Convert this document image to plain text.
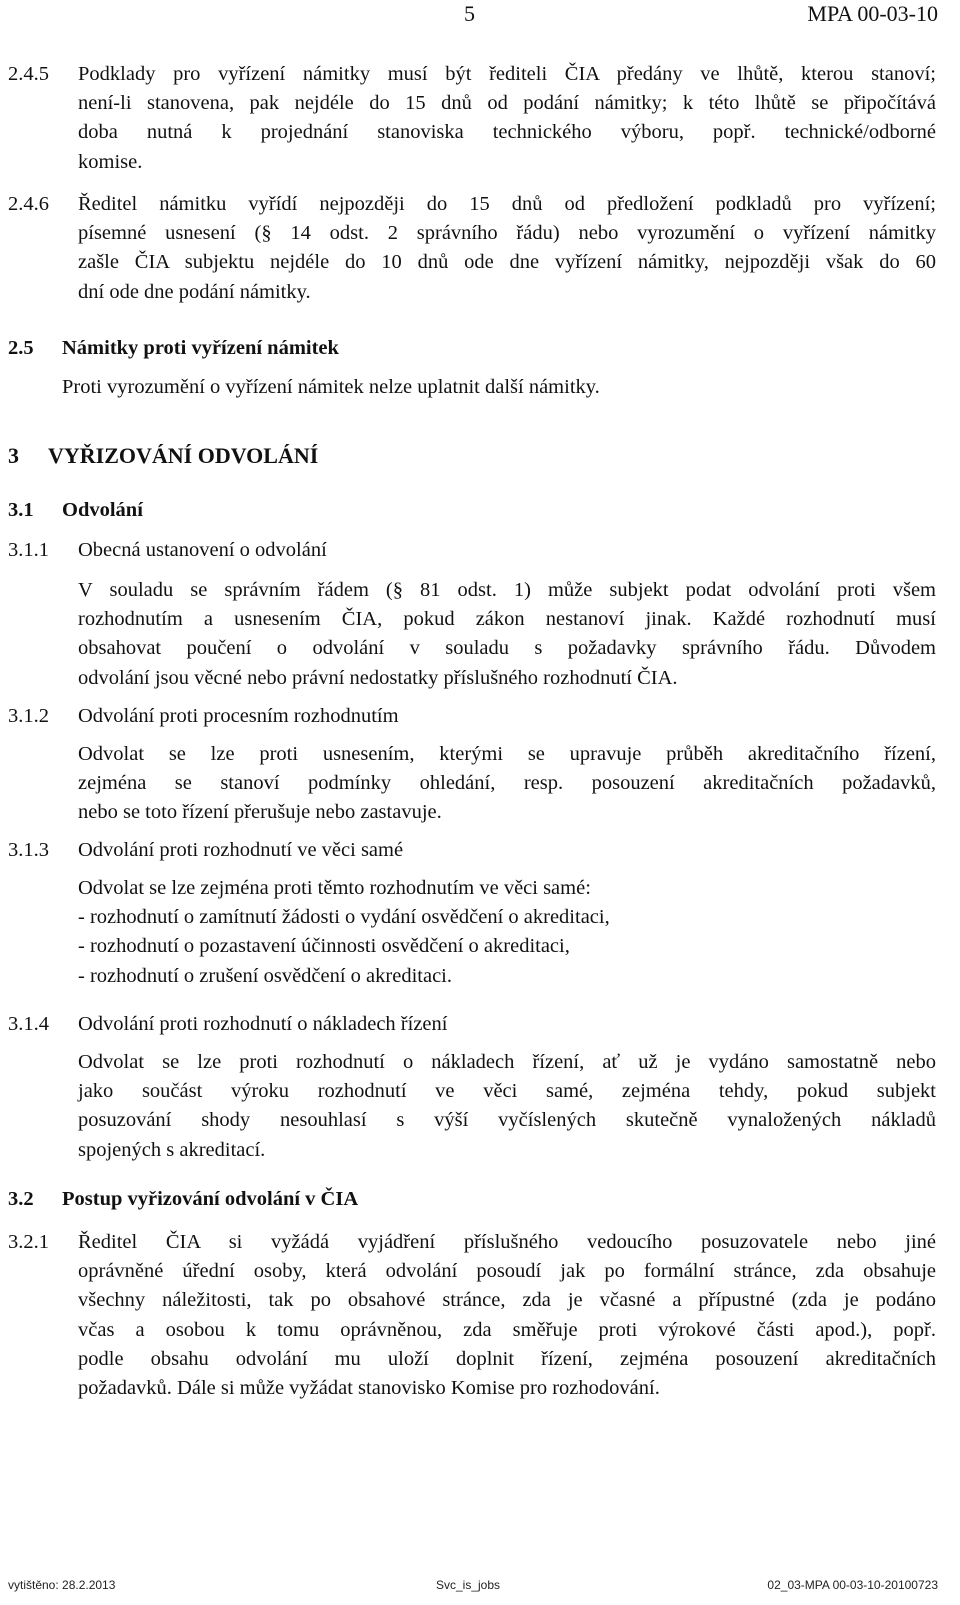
5	MPA 00-03-10
2.4.5 Podklady pro vyřízení námitky musí být řediteli ČIA předány ve lhůtě, kterou stanoví;
není-li stanovena, pak nejdéle do 15 dnů od podání námitky; k této lhůtě se připočítává
doba nutná k projednání stanoviska technického výboru, popř. technické/odborné
komise.
2.4.6 Ředitel námitku vyřídí nejpozději do 15 dnů od předložení podkladů pro vyřízení;
písemné usnesení (§ 14 odst. 2 správního řádu) nebo vyrozumění o vyřízení námitky
zašle ČIA subjektu nejdéle do 10 dnů ode dne vyřízení námitky, nejpozději však do 60
dní ode dne podání námitky.
2.5 Námitky proti vyřízení námitek
Proti vyrozumění o vyřízení námitek nelze uplatnit další námitky.
3 VYŘIZOVÁNÍ ODVOLÁNÍ
3.1 Odvolání
3.1.1 Obecná ustanovení o odvolání
V souladu se správním řádem (§ 81 odst. 1) může subjekt podat odvolání proti všem
rozhodnutím a usnesením ČIA, pokud zákon nestanoví jinak. Každé rozhodnutí musí
obsahovat poučení o odvolání v souladu s požadavky správního řádu. Důvodem
odvolání jsou věcné nebo právní nedostatky příslušného rozhodnutí ČIA.
3.1.2 Odvolání proti procesním rozhodnutím
Odvolat se lze proti usnesením, kterými se upravuje průběh akreditačního řízení,
zejména se stanoví podmínky ohledání, resp. posouzení akreditačních požadavků,
nebo se toto řízení přerušuje nebo zastavuje.
3.1.3 Odvolání proti rozhodnutí ve věci samé
Odvolat se lze zejména proti těmto rozhodnutím ve věci samé:
- rozhodnutí o zamítnutí žádosti o vydání osvědčení o akreditaci,
- rozhodnutí o pozastavení účinnosti osvědčení o akreditaci,
- rozhodnutí o zrušení osvědčení o akreditaci.
3.1.4 Odvolání proti rozhodnutí o nákladech řízení
Odvolat se lze proti rozhodnutí o nákladech řízení, ať už je vydáno samostatně nebo
jako součást výroku rozhodnutí ve věci samé, zejména tehdy, pokud subjekt
posuzování shody nesouhlasí s výší vyčíslených skutečně vynaložených nákladů
spojených s akreditací.
3.2 Postup vyřizování odvolání v ČIA
3.2.1 Ředitel ČIA si vyžádá vyjádření příslušného vedoucího posuzovatele nebo jiné
oprávněné úřední osoby, která odvolání posoudí jak po formální stránce, zda obsahuje
všechny náležitosti, tak po obsahové stránce, zda je včasné a přípustné (zda je podáno
včas a osobou k tomu oprávněnou, zda směřuje proti výrokové části apod.), popř.
podle obsahu odvolání mu uloží doplnit řízení, zejména posouzení akreditačních
požadavků. Dále si může vyžádat stanovisko Komise pro rozhodování.
vytištěno: 28.2.2013	Svc_is_jobs	02_03-MPA 00-03-10-20100723
